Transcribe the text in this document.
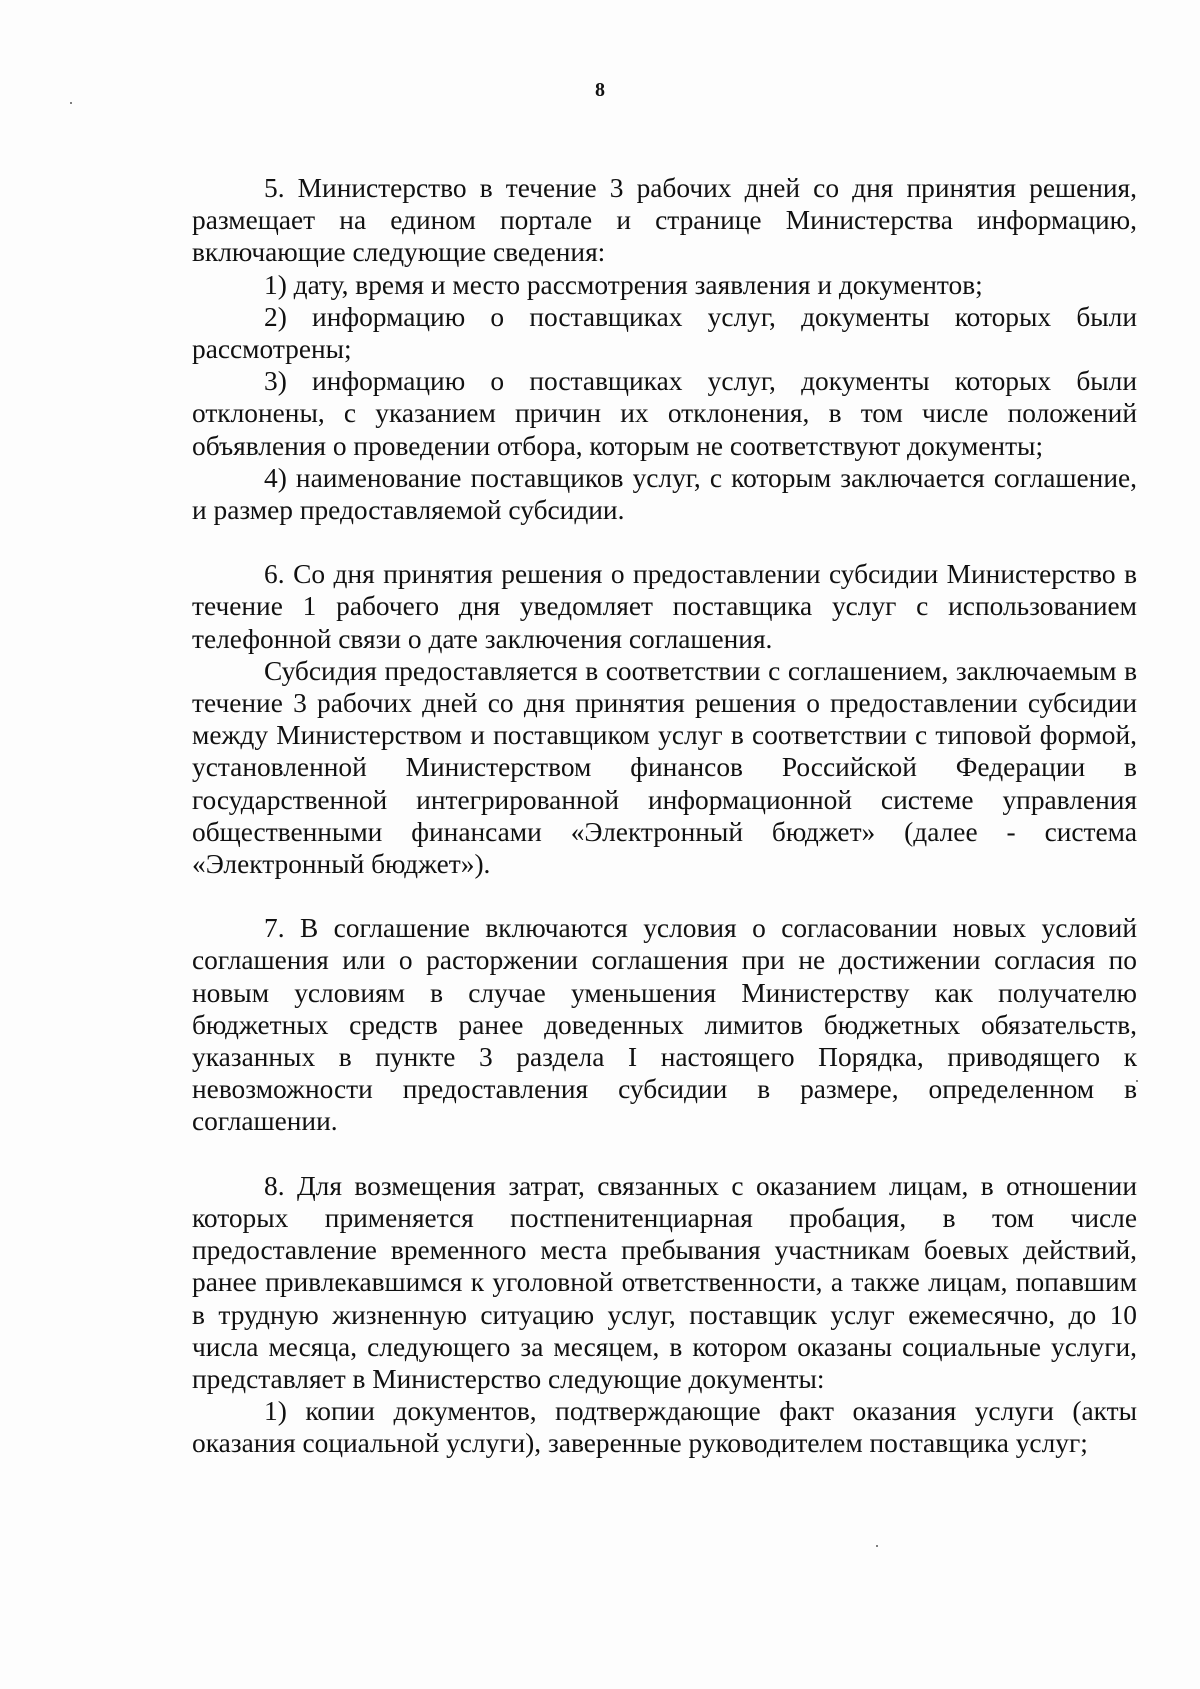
8

5. Министерство в течение 3 рабочих дней со дня принятия решения, размещает на едином портале и странице Министерства информацию, включающие следующие сведения:

1) дату, время и место рассмотрения заявления и документов;

2) информацию о поставщиках услуг, документы которых были рассмотрены;

3) информацию о поставщиках услуг, документы которых были отклонены, с указанием причин их отклонения, в том числе положений объявления о проведении отбора, которым не соответствуют документы;

4) наименование поставщиков услуг, с которым заключается соглашение, и размер предоставляемой субсидии.

6. Со дня принятия решения о предоставлении субсидии Министерство в течение 1 рабочего дня уведомляет поставщика услуг с использованием телефонной связи о дате заключения соглашения.

Субсидия предоставляется в соответствии с соглашением, заключаемым в течение 3 рабочих дней со дня принятия решения о предоставлении субсидии между Министерством и поставщиком услуг в соответствии с типовой формой, установленной Министерством финансов Российской Федерации в государственной интегрированной информационной системе управления общественными финансами «Электронный бюджет» (далее - система «Электронный бюджет»).

7. В соглашение включаются условия о согласовании новых условий соглашения или о расторжении соглашения при не достижении согласия по новым условиям в случае уменьшения Министерству как получателю бюджетных средств ранее доведенных лимитов бюджетных обязательств, указанных в пункте 3 раздела I настоящего Порядка, приводящего к невозможности предоставления субсидии в размере, определенном в соглашении.

8. Для возмещения затрат, связанных с оказанием лицам, в отношении которых применяется постпенитенциарная пробация, в том числе предоставление временного места пребывания участникам боевых действий, ранее привлекавшимся к уголовной ответственности, а также лицам, попавшим в трудную жизненную ситуацию услуг, поставщик услуг ежемесячно, до 10 числа месяца, следующего за месяцем, в котором оказаны социальные услуги, представляет в Министерство следующие документы:

1) копии документов, подтверждающие факт оказания услуги (акты оказания социальной услуги), заверенные руководителем поставщика услуг;
